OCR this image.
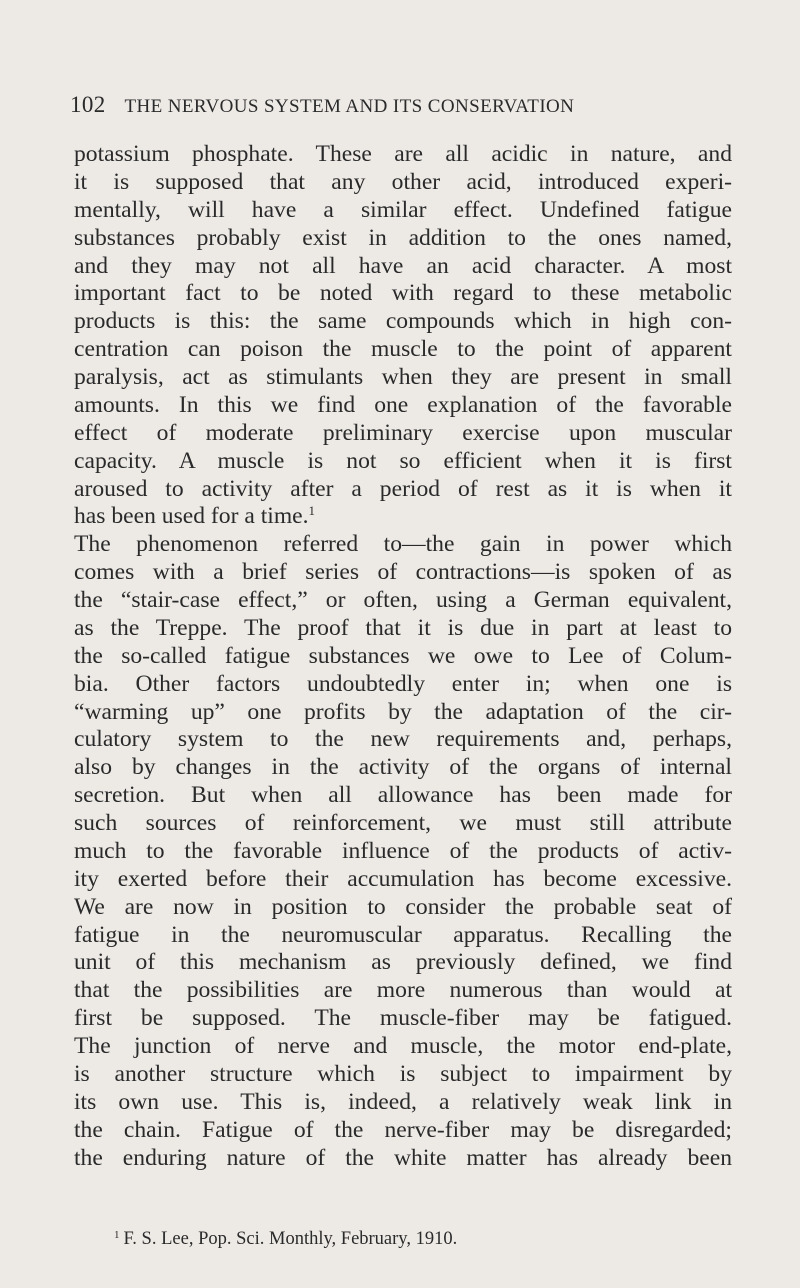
102 THE NERVOUS SYSTEM AND ITS CONSERVATION
potassium phosphate. These are all acidic in nature, and
it is supposed that any other acid, introduced experi-
mentally, will have a similar effect. Undefined fatigue
substances probably exist in addition to the ones named,
and they may not all have an acid character. A most
important fact to be noted with regard to these metabolic
products is this: the same compounds which in high con-
centration can poison the muscle to the point of apparent
paralysis, act as stimulants when they are present in small
amounts. In this we find one explanation of the favorable
effect of moderate preliminary exercise upon muscular
capacity. A muscle is not so efficient when it is first
aroused to activity after a period of rest as it is when it
has been used for a time.$^1$
The phenomenon referred to—the gain in power which
comes with a brief series of contractions—is spoken of as
the “stair-case effect,” or often, using a German equivalent,
as the Treppe. The proof that it is due in part at least to
the so-called fatigue substances we owe to Lee of Colum-
bia. Other factors undoubtedly enter in; when one is
“warming up” one profits by the adaptation of the cir-
culatory system to the new requirements and, perhaps,
also by changes in the activity of the organs of internal
secretion. But when all allowance has been made for
such sources of reinforcement, we must still attribute
much to the favorable influence of the products of activ-
ity exerted before their accumulation has become excessive.
We are now in position to consider the probable seat of
fatigue in the neuromuscular apparatus. Recalling the
unit of this mechanism as previously defined, we find
that the possibilities are more numerous than would at
first be supposed. The muscle-fiber may be fatigued.
The junction of nerve and muscle, the motor end-plate,
is another structure which is subject to impairment by
its own use. This is, indeed, a relatively weak link in
the chain. Fatigue of the nerve-fiber may be disregarded;
the enduring nature of the white matter has already been
$^1$ F. S. Lee, Pop. Sci. Monthly, February, 1910.
